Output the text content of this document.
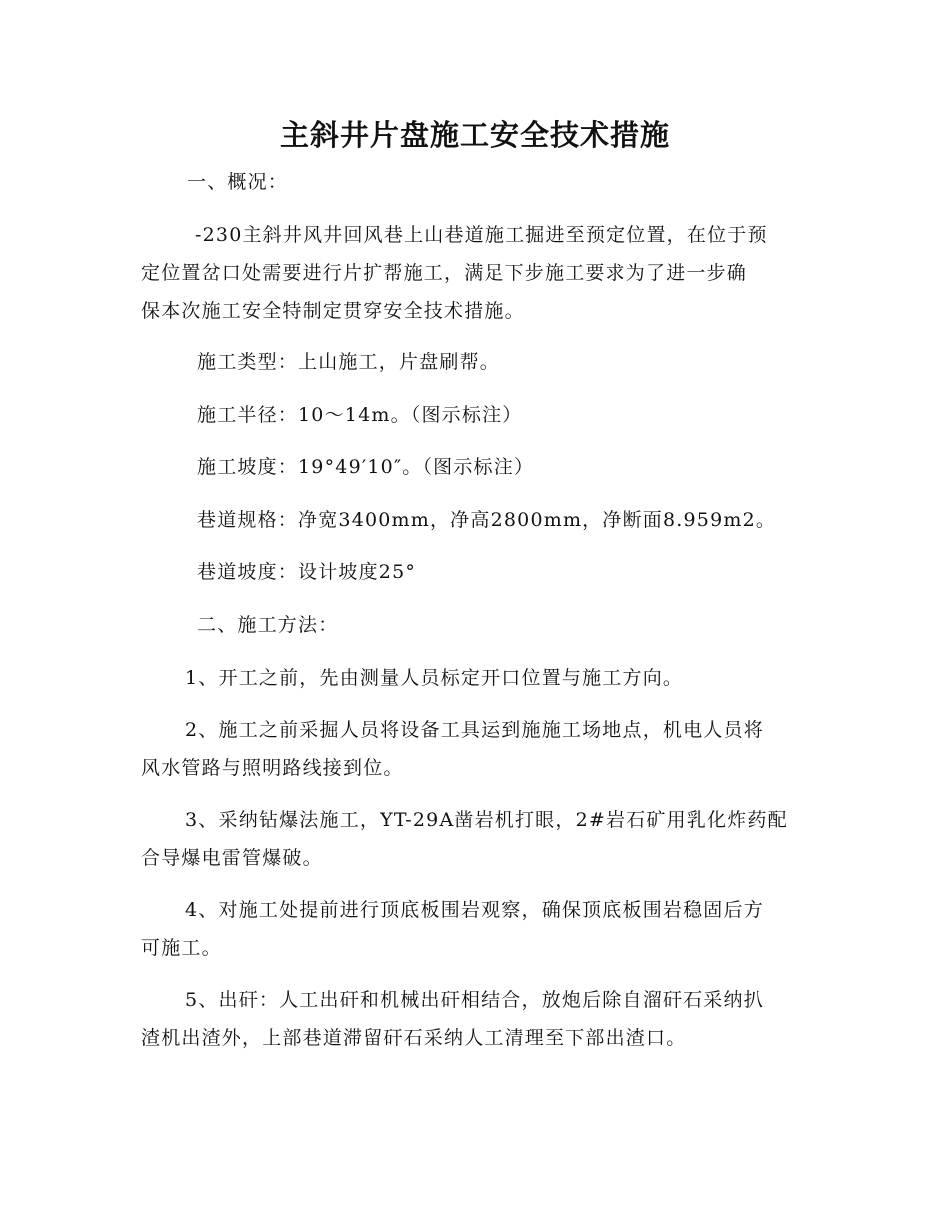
主斜井片盘施工安全技术措施
一、概况：
-230主斜井风井回风巷上山巷道施工掘进至预定位置，在位于预
定位置岔口处需要进行片扩帮施工，满足下步施工要求为了进一步确
保本次施工安全特制定贯穿安全技术措施。
施工类型：上山施工，片盘刷帮。
施工半径：10～14m。（图示标注）
施工坡度：19°49′10″。（图示标注）
巷道规格：净宽3400mm，净高2800mm，净断面8.959m2。
巷道坡度：设计坡度25°
二、施工方法：
1、开工之前，先由测量人员标定开口位置与施工方向。
2、施工之前采掘人员将设备工具运到施施工场地点，机电人员将
风水管路与照明路线接到位。
3、采纳钻爆法施工，YT-29A凿岩机打眼，2#岩石矿用乳化炸药配
合导爆电雷管爆破。
4、对施工处提前进行顶底板围岩观察，确保顶底板围岩稳固后方
可施工。
5、出矸：人工出矸和机械出矸相结合，放炮后除自溜矸石采纳扒
渣机出渣外，上部巷道滞留矸石采纳人工清理至下部出渣口。
